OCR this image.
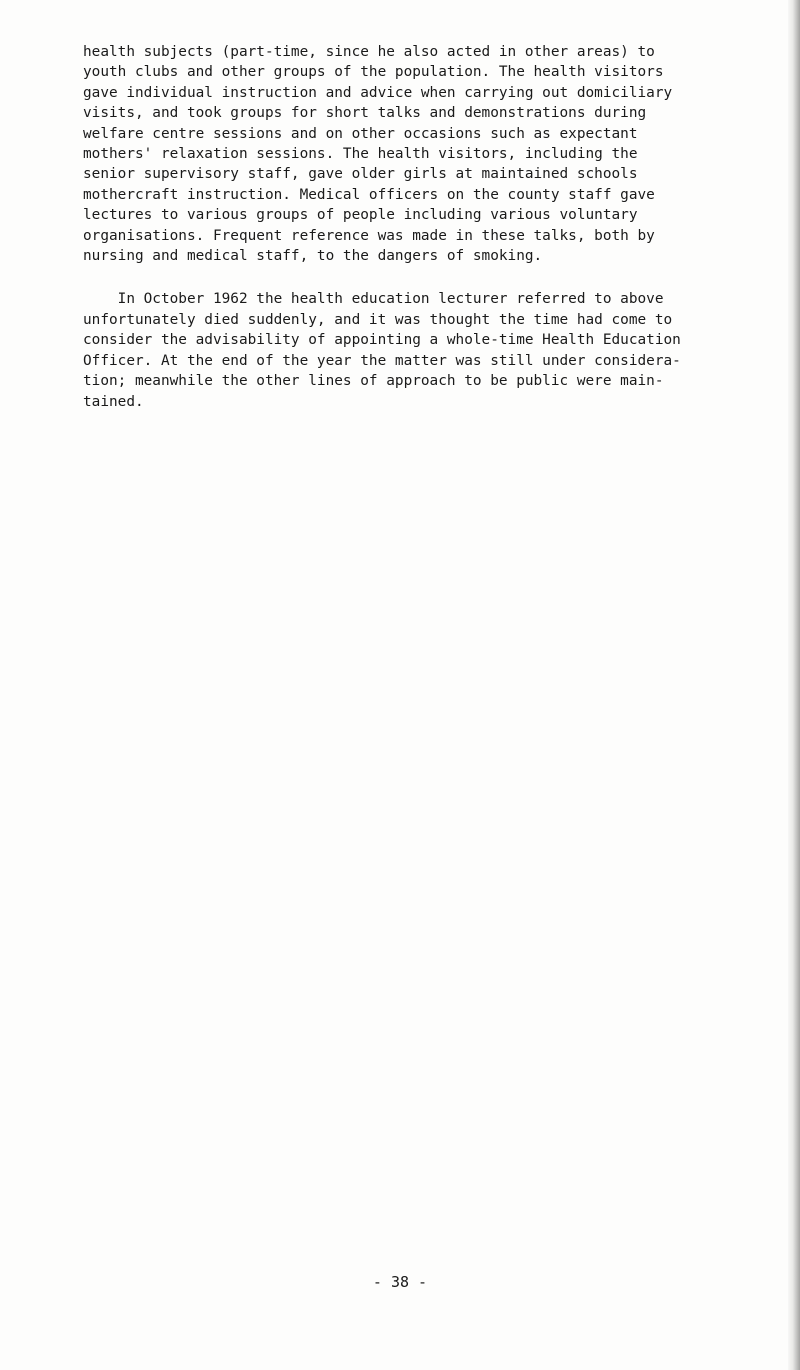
health subjects (part-time, since he also acted in other areas) to
youth clubs and other groups of the population. The health visitors
gave individual instruction and advice when carrying out domiciliary
visits, and took groups for short talks and demonstrations during
welfare centre sessions and on other occasions such as expectant
mothers' relaxation sessions. The health visitors, including the
senior supervisory staff, gave older girls at maintained schools
mothercraft instruction. Medical officers on the county staff gave
lectures to various groups of people including various voluntary
organisations. Frequent reference was made in these talks, both by
nursing and medical staff, to the dangers of smoking.
In October 1962 the health education lecturer referred to above
unfortunately died suddenly, and it was thought the time had come to
consider the advisability of appointing a whole-time Health Education
Officer. At the end of the year the matter was still under considera-
tion; meanwhile the other lines of approach to be public were main-
tained.
- 38 -
